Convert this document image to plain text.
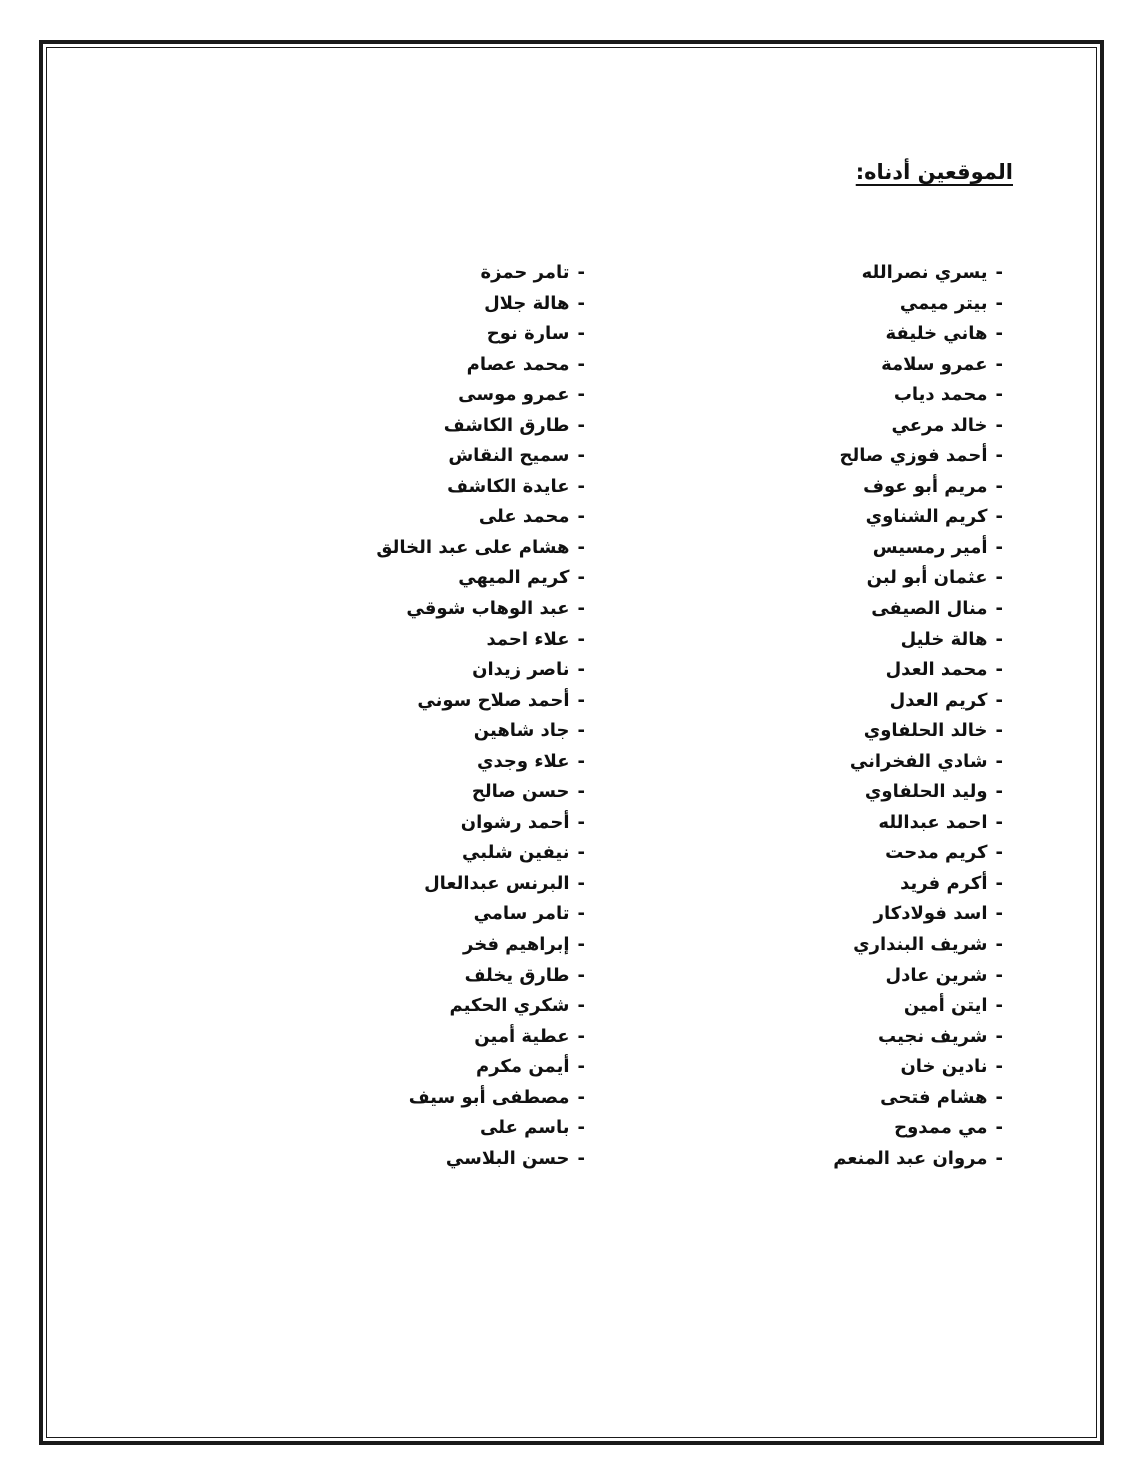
الموقعين أدناه:
-يسري نصرالله
-بيتر ميمي
-هاني خليفة
-عمرو سلامة
-محمد دياب
-خالد مرعي
-أحمد فوزي صالح
-مريم أبو عوف
-كريم الشناوي
-أمير رمسيس
-عثمان أبو لبن
-منال الصيفى
-هالة خليل
-محمد العدل
-كريم العدل
-خالد الحلفاوي
-شادي الفخراني
-وليد الحلفاوي
-احمد عبدالله
-كريم مدحت
-أكرم فريد
-اسد فولادكار
-شريف البنداري
-شرين عادل
-ايتن أمين
-شريف نجيب
-نادين خان
-هشام فتحى
-مي ممدوح
-مروان عبد المنعم
-تامر حمزة
-هالة جلال
-سارة نوح
-محمد عصام
-عمرو موسى
-طارق الكاشف
-سميح النقاش
-عايدة الكاشف
-محمد على
-هشام على عبد الخالق
-كريم الميهي
-عبد الوهاب شوقي
-علاء احمد
-ناصر زيدان
-أحمد صلاح سوني
-جاد شاهين
-علاء وجدي
-حسن صالح
-أحمد رشوان
-نيفين شلبي
-البرنس عبدالعال
-تامر سامي
-إبراهيم فخر
-طارق يخلف
-شكري الحكيم
-عطية أمين
-أيمن مكرم
-مصطفى أبو سيف
-باسم على
-حسن البلاسي
